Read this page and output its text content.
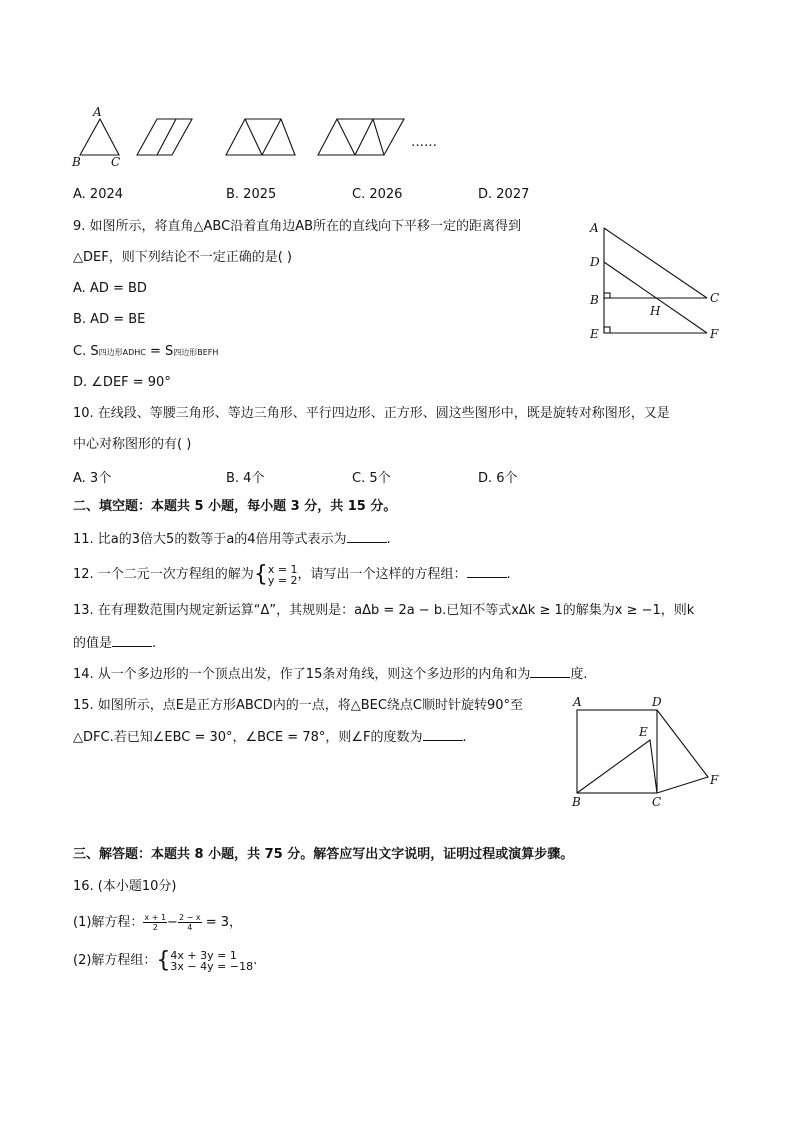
A
B	C
……
A. 2024	B. 2025	C. 2026	D. 2027
9. 如图所示，将直角△ABC沿着直角边AB所在的直线向下平移一定的距离得到
△DEF，则下列结论不一定正确的是( )
A. AD = BD
B. AD = BE
C. S四边形ADHC = S四边形BEFH
D. ∠DEF = 90°
A
D
B	C
H
E	F
10. 在线段、等腰三角形、等边三角形、平行四边形、正方形、圆这些图形中，既是旋转对称图形，又是
中心对称图形的有( )
A. 3个	B. 4个	C. 5个	D. 6个
二、填空题：本题共 5 小题，每小题 3 分，共 15 分。
11. 比a的3倍大5的数等于a的4倍用等式表示为	.
12. 一个二元一次方程组的解为{x = 1
y = 2，请写出一个这样的方程组：	.
13. 在有理数范围内规定新运算“Δ”，其规则是：aΔb = 2a − b.已知不等式xΔk ≥ 1的解集为x ≥ −1，则k
的值是	.
14. 从一个多边形的一个顶点出发，作了15条对角线，则这个多边形的内角和为	度.
15. 如图所示，点E是正方形ABCD内的一点，将△BEC绕点C顺时针旋转90°至
△DFC.若已知∠EBC = 30°，∠BCE = 78°，则∠F的度数为	.
A	D
E
F
B	C
三、解答题：本题共 8 小题，共 75 分。解答应写出文字说明，证明过程或演算步骤。
16. (本小题10分)
(1)解方程： $\frac{x + 1}{2}- \frac{2 - x}{4} = 3$，
(2)解方程组：{4x + 3y = 1
3x − 4y = −18.
